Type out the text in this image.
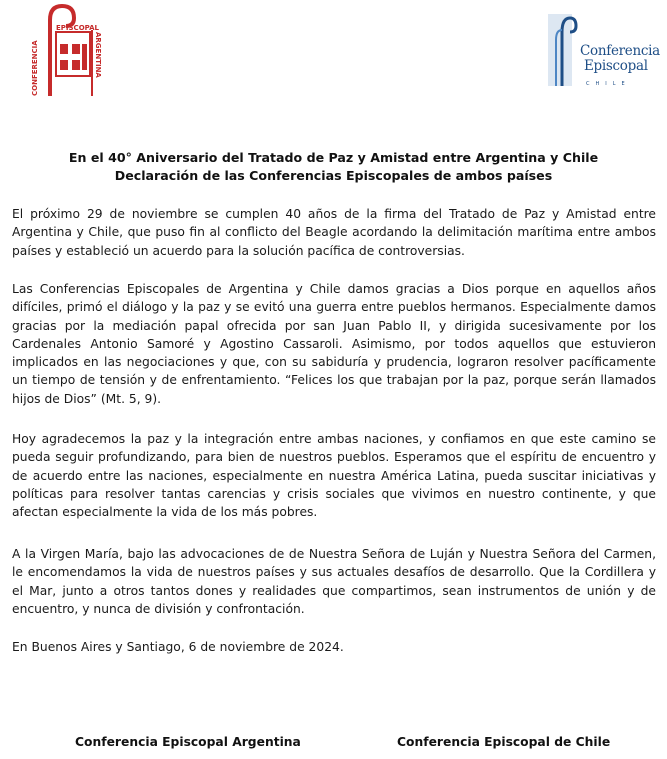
CONFERENCIA
EPISCOPAL
ARGENTINA	Conferencia
Episcopal
CHILE
En el 40° Aniversario del Tratado de Paz y Amistad entre Argentina y Chile
Declaración de las Conferencias Episcopales de ambos países

El próximo 29 de noviembre se cumplen 40 años de la firma del Tratado de Paz y Amistad entre Argentina y Chile, que puso fin al conflicto del Beagle acordando la delimitación marítima entre ambos países y estableció un acuerdo para la solución pacífica de controversias.

Las Conferencias Episcopales de Argentina y Chile damos gracias a Dios porque en aquellos años difíciles, primó el diálogo y la paz y se evitó una guerra entre pueblos hermanos. Especialmente damos gracias por la mediación papal ofrecida por san Juan Pablo II, y dirigida sucesivamente por los Cardenales Antonio Samoré y Agostino Cassaroli. Asimismo, por todos aquellos que estuvieron implicados en las negociaciones y que, con su sabiduría y prudencia, lograron resolver pacíficamente un tiempo de tensión y de enfrentamiento. “Felices los que trabajan por la paz, porque serán llamados hijos de Dios” (Mt. 5, 9).

Hoy agradecemos la paz y la integración entre ambas naciones, y confiamos en que este camino se pueda seguir profundizando, para bien de nuestros pueblos. Esperamos que el espíritu de encuentro y de acuerdo entre las naciones, especialmente en nuestra América Latina, pueda suscitar iniciativas y políticas para resolver tantas carencias y crisis sociales que vivimos en nuestro continente, y que afectan especialmente la vida de los más pobres.

A la Virgen María, bajo las advocaciones de de Nuestra Señora de Luján y Nuestra Señora del Carmen, le encomendamos la vida de nuestros países y sus actuales desafíos de desarrollo. Que la Cordillera y el Mar, junto a otros tantos dones y realidades que compartimos, sean instrumentos de unión y de encuentro, y nunca de división y confrontación.

En Buenos Aires y Santiago, 6 de noviembre de 2024.

Conferencia Episcopal Argentina	Conferencia Episcopal de Chile
